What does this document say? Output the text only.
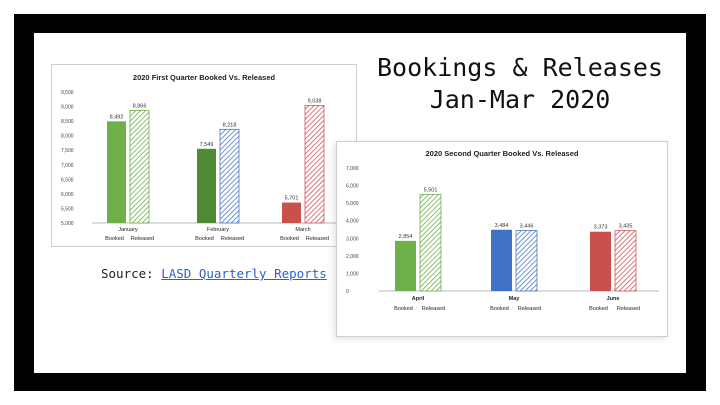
2020 First Quarter Booked Vs. Released
5,000
5,500
6,000
6,500
7,000
7,500
8,000
8,500
9,000
9,500
8,492
8,866
January
Booked Released
7,549
8,218
February
Booked Released
5,701
9,038
March
Booked Released
Bookings & Releases
Jan-Mar 2020
Source: LASD Quarterly Reports
2020 Second Quarter Booked Vs. Released
0
1,000
2,000
3,000
4,000
5,000
6,000
7,000
2,854
5,501
April
Booked Released
3,484 3,446
May
Booked Released
3,373 3,435
June
Booked Released
